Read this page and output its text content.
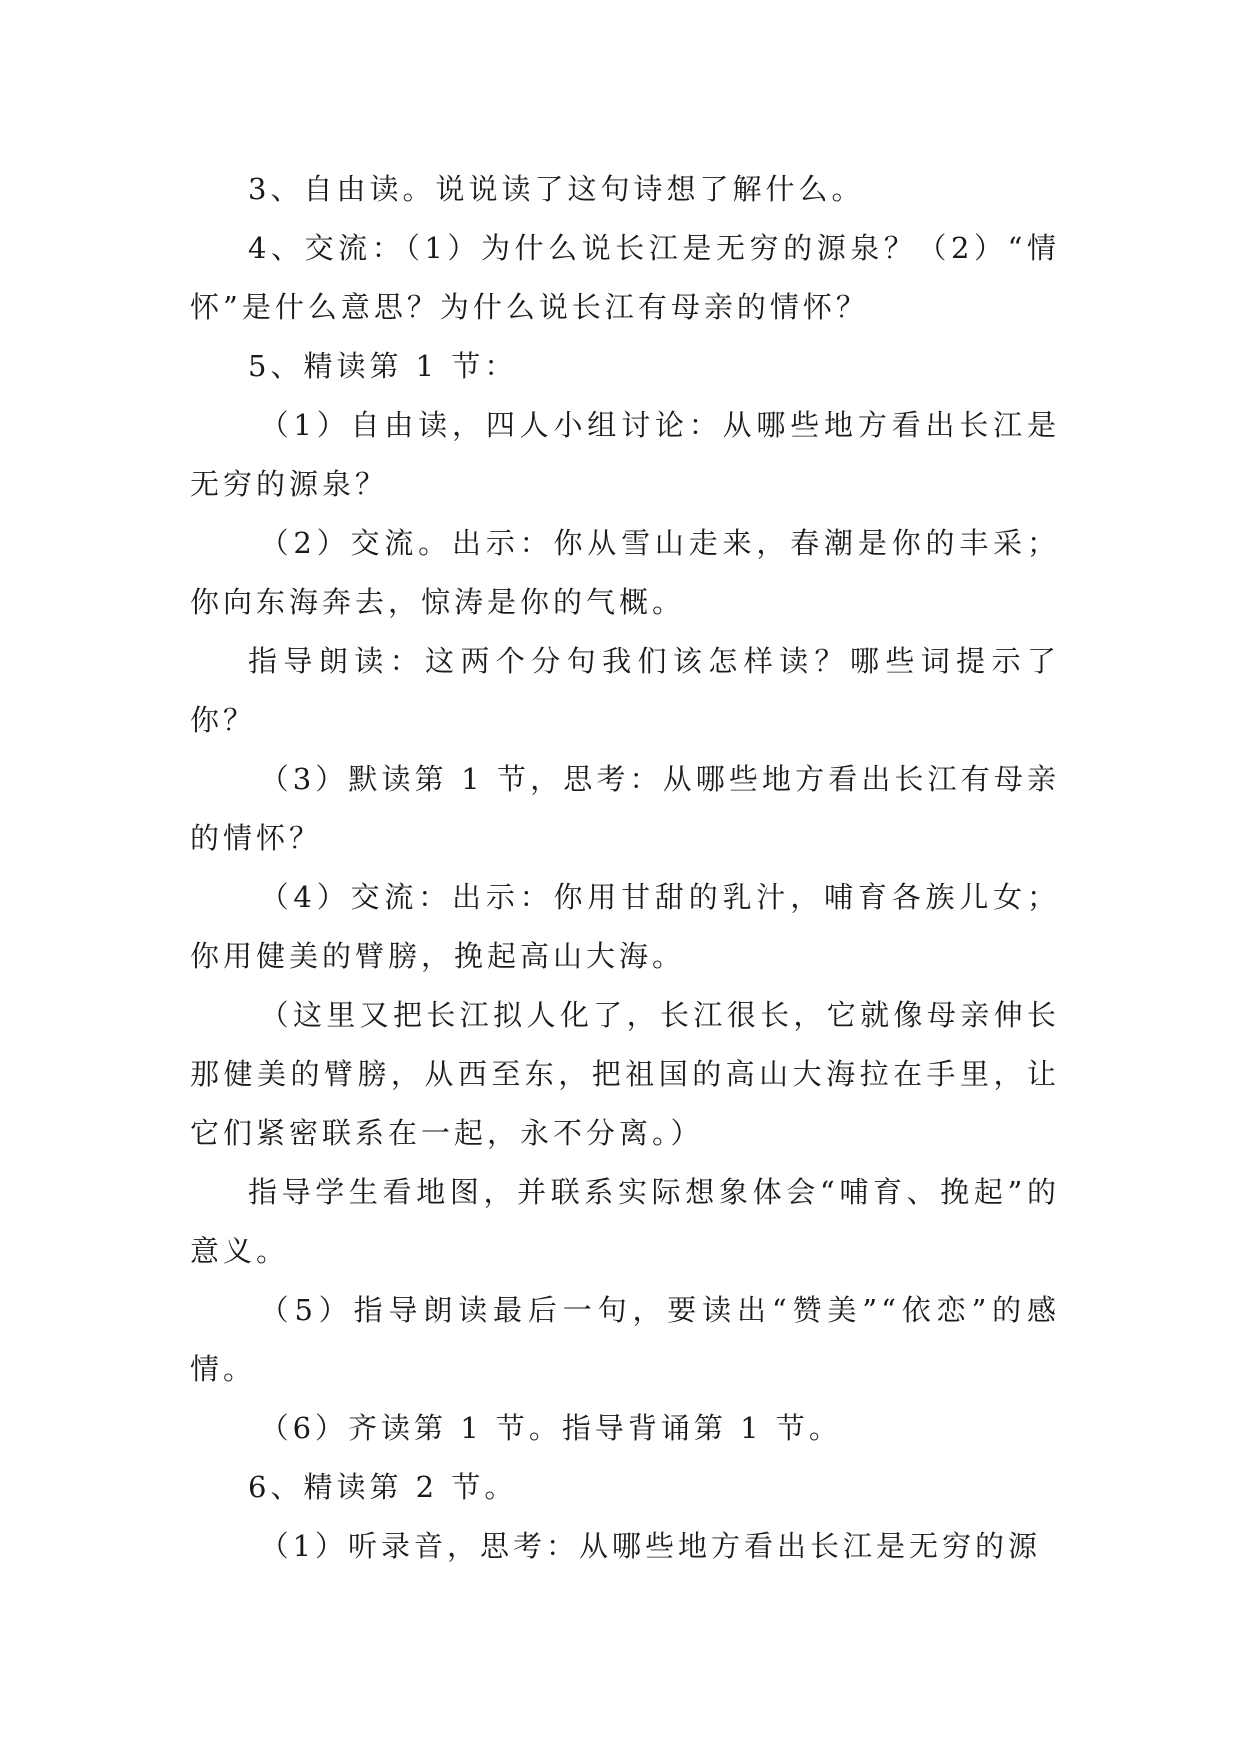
3、自由读。说说读了这句诗想了解什么。

4、交流：（1）为什么说长江是无穷的源泉？（2）“情怀”是什么意思？为什么说长江有母亲的情怀？

5、精读第 1 节：

（1）自由读，四人小组讨论：从哪些地方看出长江是无穷的源泉？

（2）交流。出示：你从雪山走来，春潮是你的丰采；你向东海奔去，惊涛是你的气概。

指导朗读：这两个分句我们该怎样读？哪些词提示了你？

（3）默读第 1 节，思考：从哪些地方看出长江有母亲的情怀？

（4）交流：出示：你用甘甜的乳汁，哺育各族儿女；你用健美的臂膀，挽起高山大海。

（这里又把长江拟人化了，长江很长，它就像母亲伸长那健美的臂膀，从西至东，把祖国的高山大海拉在手里，让它们紧密联系在一起，永不分离。）

指导学生看地图，并联系实际想象体会“哺育、挽起”的意义。

（5）指导朗读最后一句，要读出“赞美”“依恋”的感情。

（6）齐读第 1 节。指导背诵第 1 节。

6、精读第 2 节。

（1）听录音，思考：从哪些地方看出长江是无穷的源
